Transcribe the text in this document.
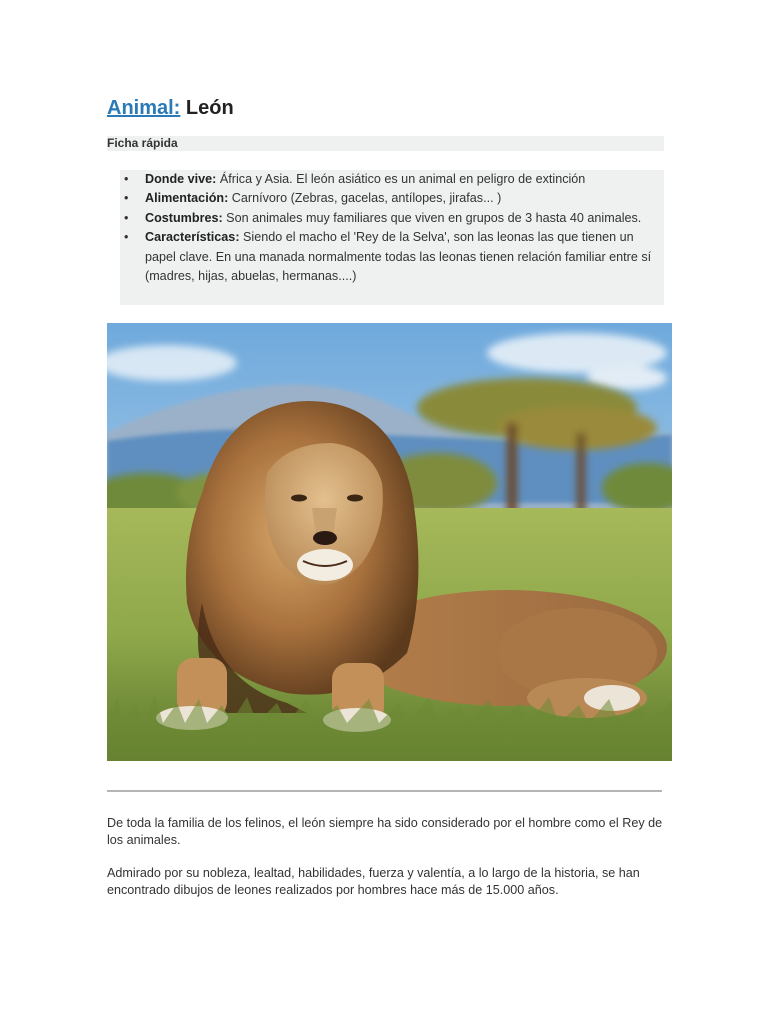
Animal: León
Ficha rápida
• Donde vive: África y Asia. El león asiático es un animal en peligro de extinción
• Alimentación: Carnívoro (Zebras, gacelas, antílopes, jirafas... )
• Costumbres: Son animales muy familiares que viven en grupos de 3 hasta 40 animales.
• Características: Siendo el macho el 'Rey de la Selva', son las leonas las que tienen un papel clave. En una manada normalmente todas las leonas tienen relación familiar entre sí (madres, hijas, abuelas, hermanas....)

De toda la familia de los felinos, el león siempre ha sido considerado por el hombre como el Rey de los animales.

Admirado por su nobleza, lealtad, habilidades, fuerza y valentía, a lo largo de la historia, se han encontrado dibujos de leones realizados por hombres hace más de 15.000 años.
